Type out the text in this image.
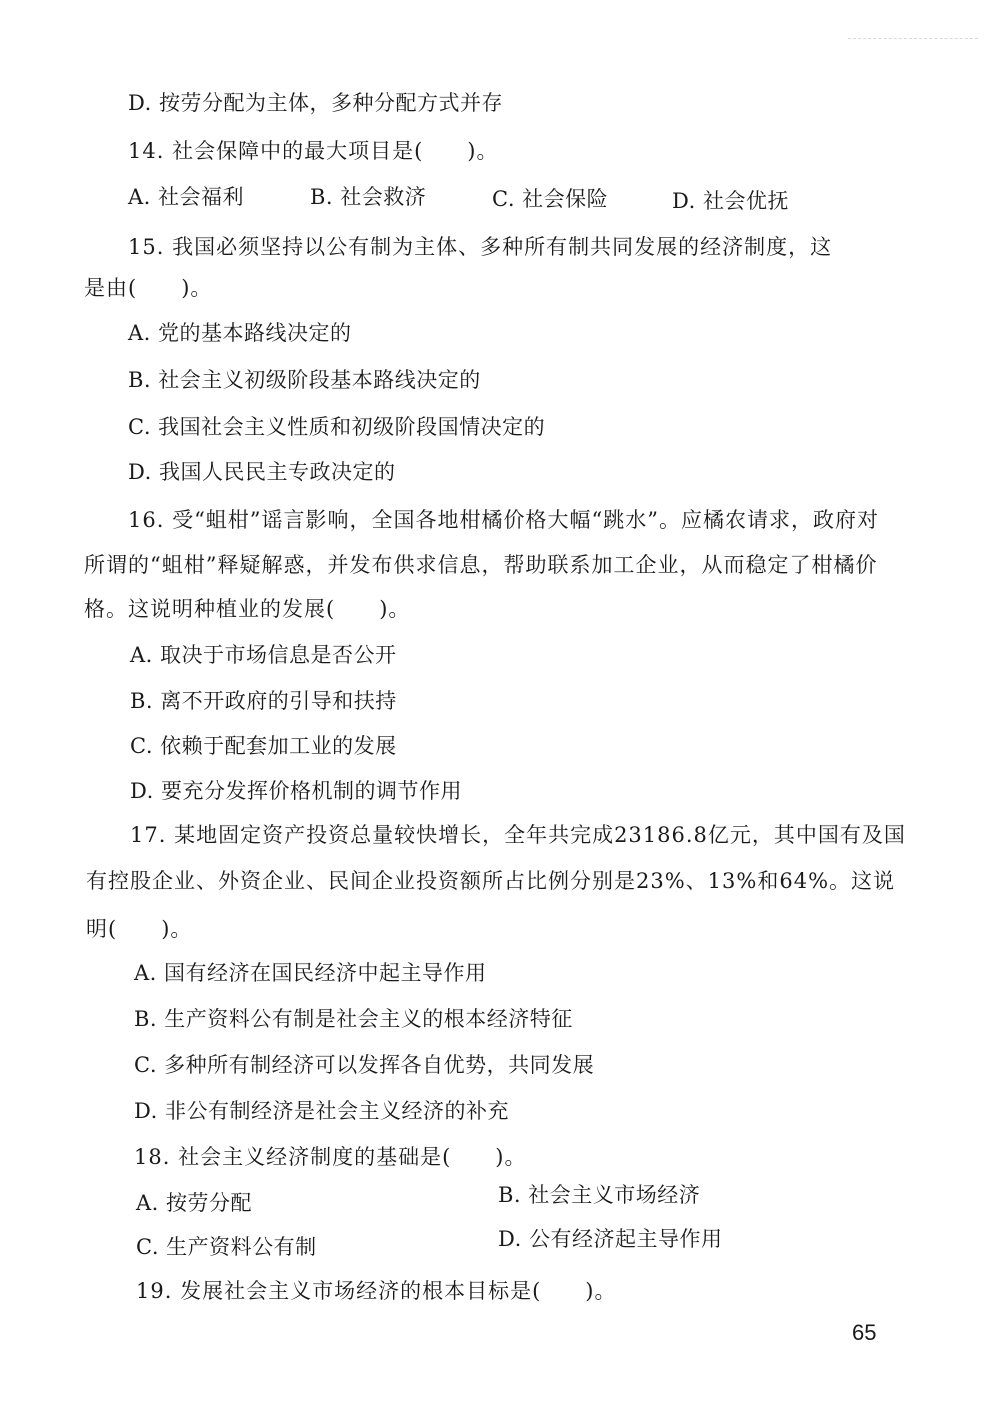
D. 按劳分配为主体，多种分配方式并存
14. 社会保障中的最大项目是(　　)。
A. 社会福利	B. 社会救济	C. 社会保险	D. 社会优抚
15. 我国必须坚持以公有制为主体、多种所有制共同发展的经济制度，这
是由(　　)。
A. 党的基本路线决定的
B. 社会主义初级阶段基本路线决定的
C. 我国社会主义性质和初级阶段国情决定的
D. 我国人民民主专政决定的
16. 受“蛆柑”谣言影响，全国各地柑橘价格大幅“跳水”。应橘农请求，政府对
所谓的“蛆柑”释疑解惑，并发布供求信息，帮助联系加工企业，从而稳定了柑橘价
格。这说明种植业的发展(　　)。
A. 取决于市场信息是否公开
B. 离不开政府的引导和扶持
C. 依赖于配套加工业的发展
D. 要充分发挥价格机制的调节作用
17. 某地固定资产投资总量较快增长，全年共完成23186.8亿元，其中国有及国
有控股企业、外资企业、民间企业投资额所占比例分别是23%、13%和64%。这说
明(　　)。
A. 国有经济在国民经济中起主导作用
B. 生产资料公有制是社会主义的根本经济特征
C. 多种所有制经济可以发挥各自优势，共同发展
D. 非公有制经济是社会主义经济的补充
18. 社会主义经济制度的基础是(　　)。
A. 按劳分配	B. 社会主义市场经济
C. 生产资料公有制	D. 公有经济起主导作用
19. 发展社会主义市场经济的根本目标是(　　)。
65
